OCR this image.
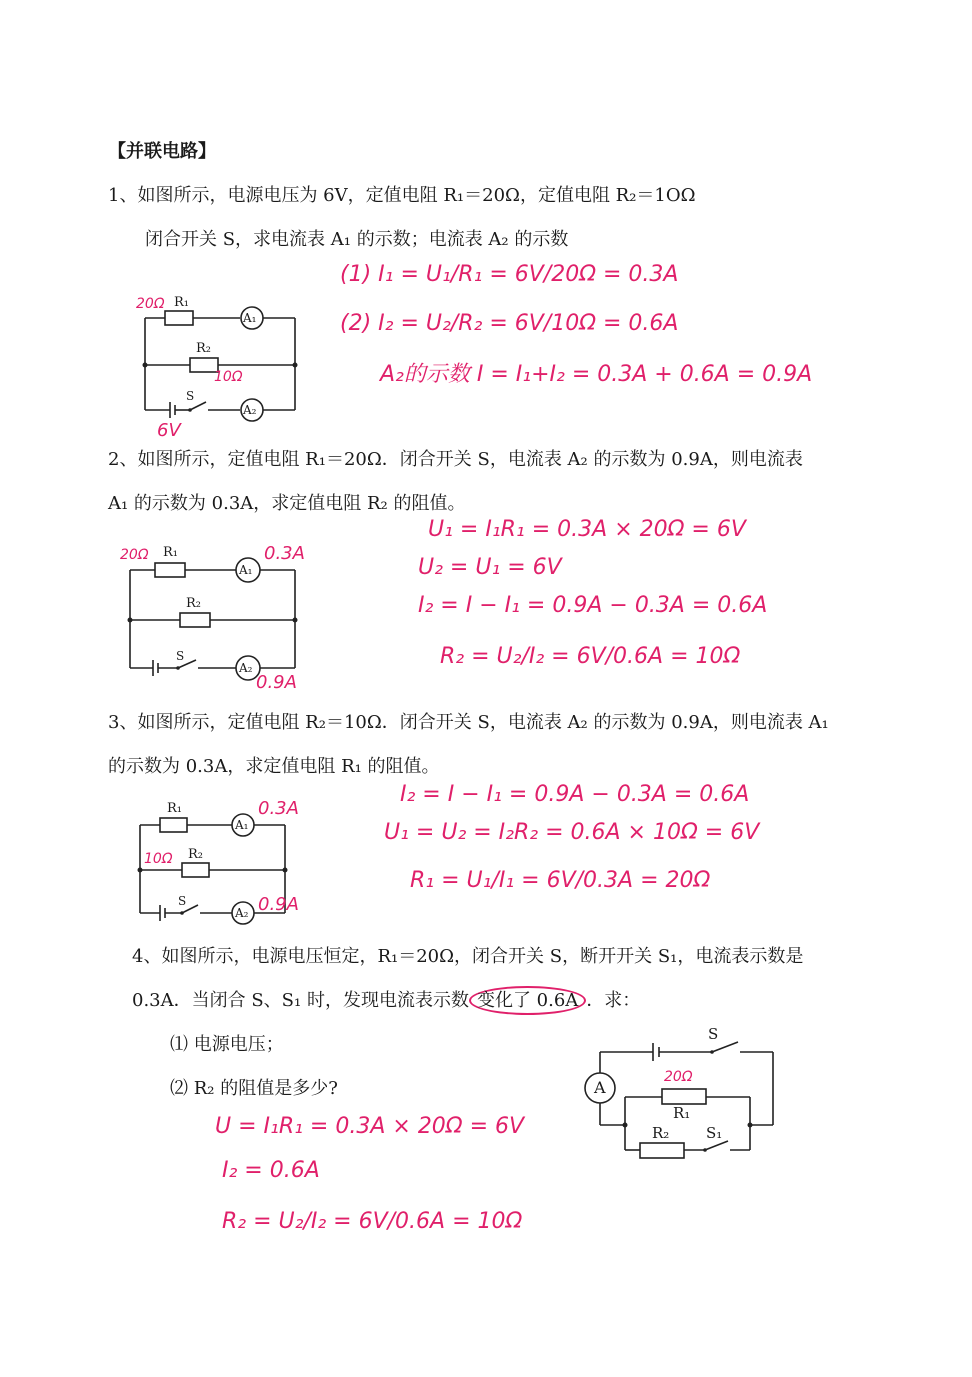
【并联电路】
1、如图所示，电源电压为 6V，定值电阻 R₁＝20Ω，定值电阻 R₂＝1OΩ
闭合开关 S，求电流表 A₁ 的示数；电流表 A₂ 的示数
R₁
20Ω
A₁
R₂
10Ω
S
A₂
6V
(1) I₁ = U₁/R₁ = 6V/20Ω = 0.3A
(2) I₂ = U₂/R₂ = 6V/10Ω = 0.6A
A₂的示数 I = I₁+I₂ = 0.3A + 0.6A = 0.9A
2、如图所示，定值电阻 R₁＝20Ω．闭合开关 S，电流表 A₂ 的示数为 0.9A，则电流表
A₁ 的示数为 0.3A，求定值电阻 R₂ 的阻值。
R₁
20Ω
A₁
0.3A
R₂
S
A₂
0.9A
U₁ = I₁R₁ = 0.3A × 20Ω = 6V
U₂ = U₁ = 6V
I₂ = I − I₁ = 0.9A − 0.3A = 0.6A
R₂ = U₂/I₂ = 6V/0.6A = 10Ω
3、如图所示，定值电阻 R₂＝10Ω．闭合开关 S，电流表 A₂ 的示数为 0.9A，则电流表 A₁
的示数为 0.3A，求定值电阻 R₁ 的阻值。
R₁
A₁
0.3A
R₂
10Ω
S
A₂ 0.9A
I₂ = I − I₁ = 0.9A − 0.3A = 0.6A
U₁ = U₂ = I₂R₂ = 0.6A × 10Ω = 6V
R₁ = U₁/I₁ = 6V/0.3A = 20Ω
4、如图所示，电源电压恒定，R₁＝20Ω，闭合开关 S，断开开关 S₁，电流表示数是
0.3A．当闭合 S、S₁ 时，发现电流表示数 变化了 0.6A ．求：
⑴ 电源电压；
⑵ R₂ 的阻值是多少?	A
S
20Ω
R₁
R₂ S₁
U = I₁R₁ = 0.3A × 20Ω = 6V
I₂ = 0.6A
R₂ = U₂/I₂ = 6V/0.6A = 10Ω
